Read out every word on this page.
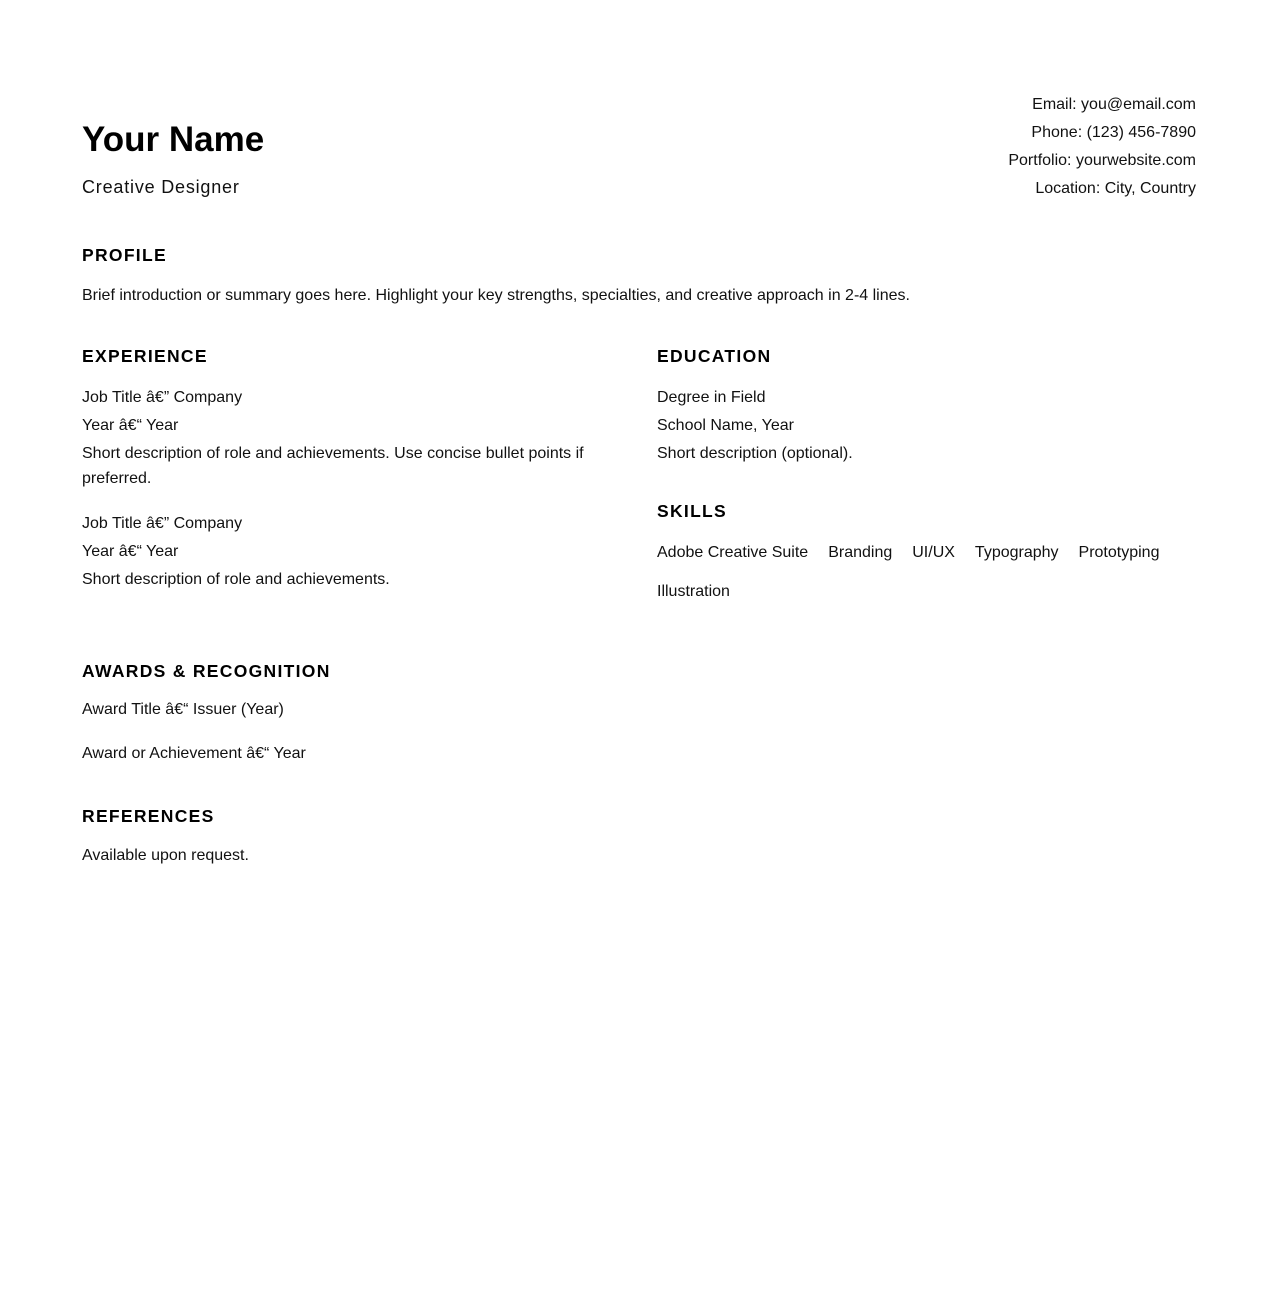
Your Name
Creative Designer
Email: you@email.com
Phone: (123) 456-7890
Portfolio: yourwebsite.com
Location: City, Country
PROFILE
Brief introduction or summary goes here. Highlight your key strengths, specialties, and creative approach in 2-4 lines.
EXPERIENCE
Job Title â€” Company
Year â€“ Year
Short description of role and achievements. Use concise bullet points if preferred.
Job Title â€” Company
Year â€“ Year
Short description of role and achievements.
EDUCATION
Degree in Field
School Name, Year
Short description (optional).
SKILLS
Adobe Creative Suite Branding UI/UX Typography Prototyping
Illustration
AWARDS & RECOGNITION
Award Title â€“ Issuer (Year)
Award or Achievement â€“ Year
REFERENCES
Available upon request.
